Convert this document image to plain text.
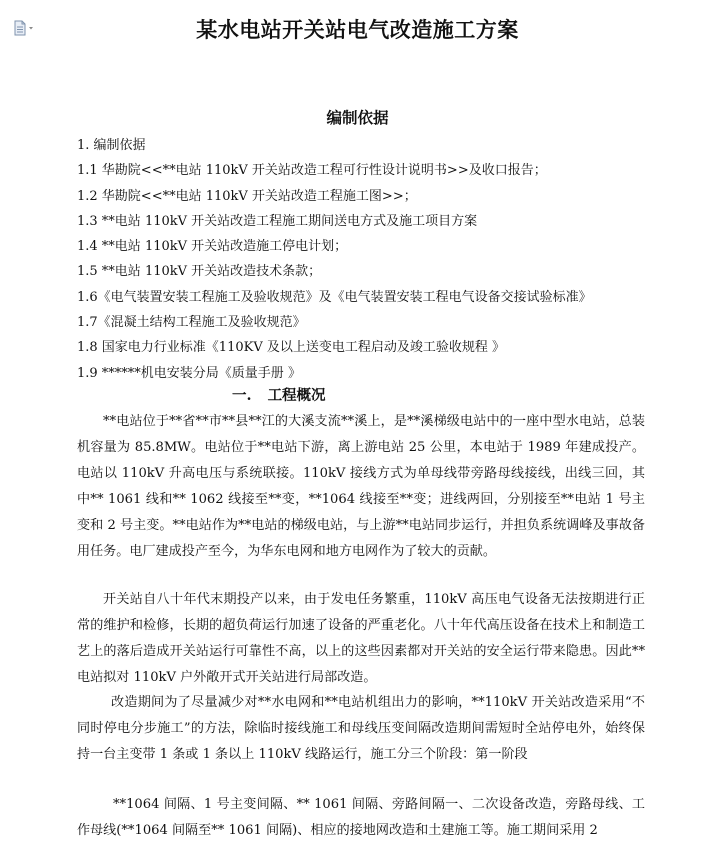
某水电站开关站电气改造施工方案
编制依据
1. 编制依据
1.1 华勘院<<**电站 110kV 开关站改造工程可行性设计说明书>>及收口报告；
1.2 华勘院<<**电站 110kV 开关站改造工程施工图>>；
1.3 **电站 110kV 开关站改造工程施工期间送电方式及施工项目方案
1.4 **电站 110kV 开关站改造施工停电计划；
1.5 **电站 110kV 开关站改造技术条款；
1.6《电气装置安装工程施工及验收规范》及《电气装置安装工程电气设备交接试验标准》
1.7《混凝土结构工程施工及验收规范》
1.8 国家电力行业标准《110KV 及以上送变电工程启动及竣工验收规程 》
1.9 ******机电安装分局《质量手册 》
一. 工程概况

**电站位于**省**市**县**江的大溪支流**溪上，是**溪梯级电站中的一座中型水电站，总装机容量为 85.8MW。电站位于**电站下游，离上游电站 25 公里，本电站于 1989 年建成投产。电站以 110kV 升高电压与系统联接。110kV 接线方式为单母线带旁路母线接线，出线三回，其中** 1061 线和** 1062 线接至**变，**1064 线接至**变；进线两回，分别接至**电站 1 号主变和 2 号主变。**电站作为**电站的梯级电站，与上游**电站同步运行，并担负系统调峰及事故备用任务。电厂建成投产至今，为华东电网和地方电网作为了较大的贡献。

开关站自八十年代末期投产以来，由于发电任务繁重，110kV 高压电气设备无法按期进行正常的维护和检修，长期的超负荷运行加速了设备的严重老化。八十年代高压设备在技术上和制造工艺上的落后造成开关站运行可靠性不高，以上的这些因素都对开关站的安全运行带来隐患。因此**电站拟对 110kV 户外敞开式开关站进行局部改造。

改造期间为了尽量减少对**水电网和**电站机组出力的影响，**110kV 开关站改造采用“不同时停电分步施工”的方法，除临时接线施工和母线压变间隔改造期间需短时全站停电外，始终保持一台主变带 1 条或 1 条以上 110kV 线路运行，施工分三个阶段：第一阶段

**1064 间隔、1 号主变间隔、** 1061 间隔、旁路间隔一、二次设备改造，旁路母线、工作母线(**1064 间隔至** 1061 间隔)、相应的接地网改造和土建施工等。施工期间采用 2
